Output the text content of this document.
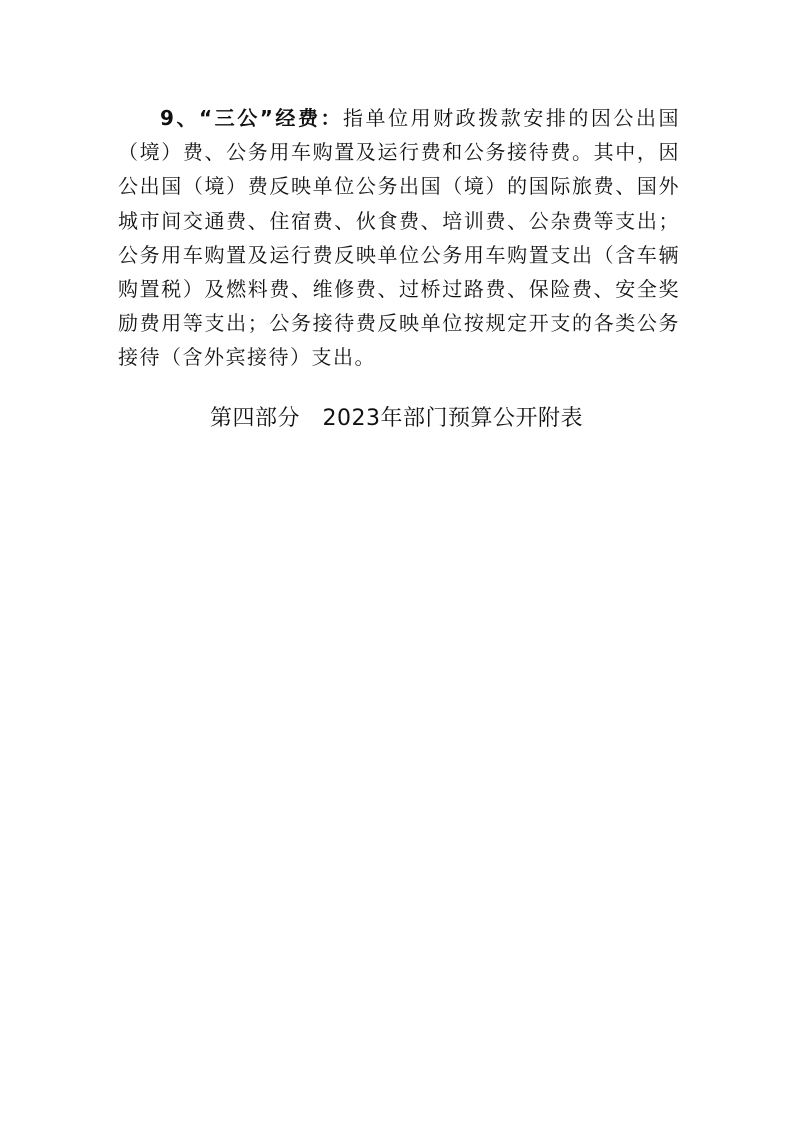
9、“三公”经费：指单位用财政拨款安排的因公出国（境）费、公务用车购置及运行费和公务接待费。其中，因公出国（境）费反映单位公务出国（境）的国际旅费、国外城市间交通费、住宿费、伙食费、培训费、公杂费等支出； 公务用车购置及运行费反映单位公务用车购置支出（含车辆购置税）及燃料费、维修费、过桥过路费、保险费、安全奖励费用等支出；公务接待费反映单位按规定开支的各类公务接待（含外宾接待）支出。

第四部分　2023年部门预算公开附表
